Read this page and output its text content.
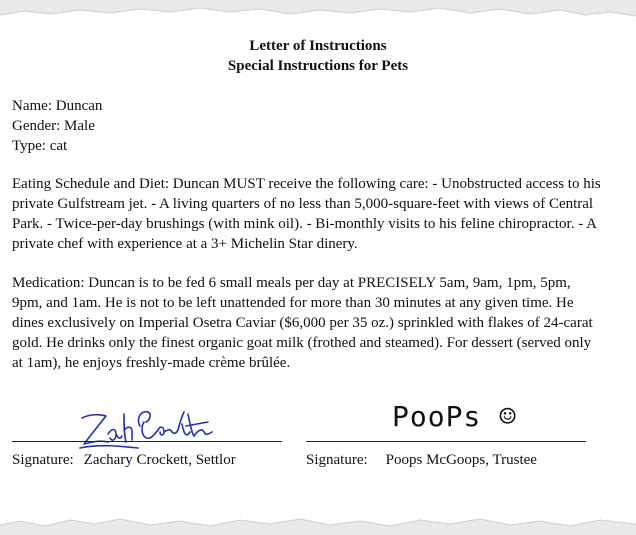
Letter of Instructions
Special Instructions for Pets
Name: Duncan
Gender: Male
Type: cat
Eating Schedule and Diet: Duncan MUST receive the following care: - Unobstructed access to his
private Gulfstream jet. - A living quarters of no less than 5,000-square-feet with views of Central
Park. - Twice-per-day brushings (with mink oil). - Bi-monthly visits to his feline chiropractor. - A
private chef with experience at a 3+ Michelin Star dinery.
Medication: Duncan is to be fed 6 small meals per day at PRECISELY 5am, 9am, 1pm, 5pm,
9pm, and 1am. He is not to be left unattended for more than 30 minutes at any given time. He
dines exclusively on Imperial Osetra Caviar ($6,000 per 35 oz.) sprinkled with flakes of 24-carat
gold. He drinks only the finest organic goat milk (frothed and steamed). For dessert (served only
at 1am), he enjoys freshly-made crème brûlée.
PooPs ☺
Signature: Zachary Crockett, Settlor	Signature: Poops McGoops, Trustee
